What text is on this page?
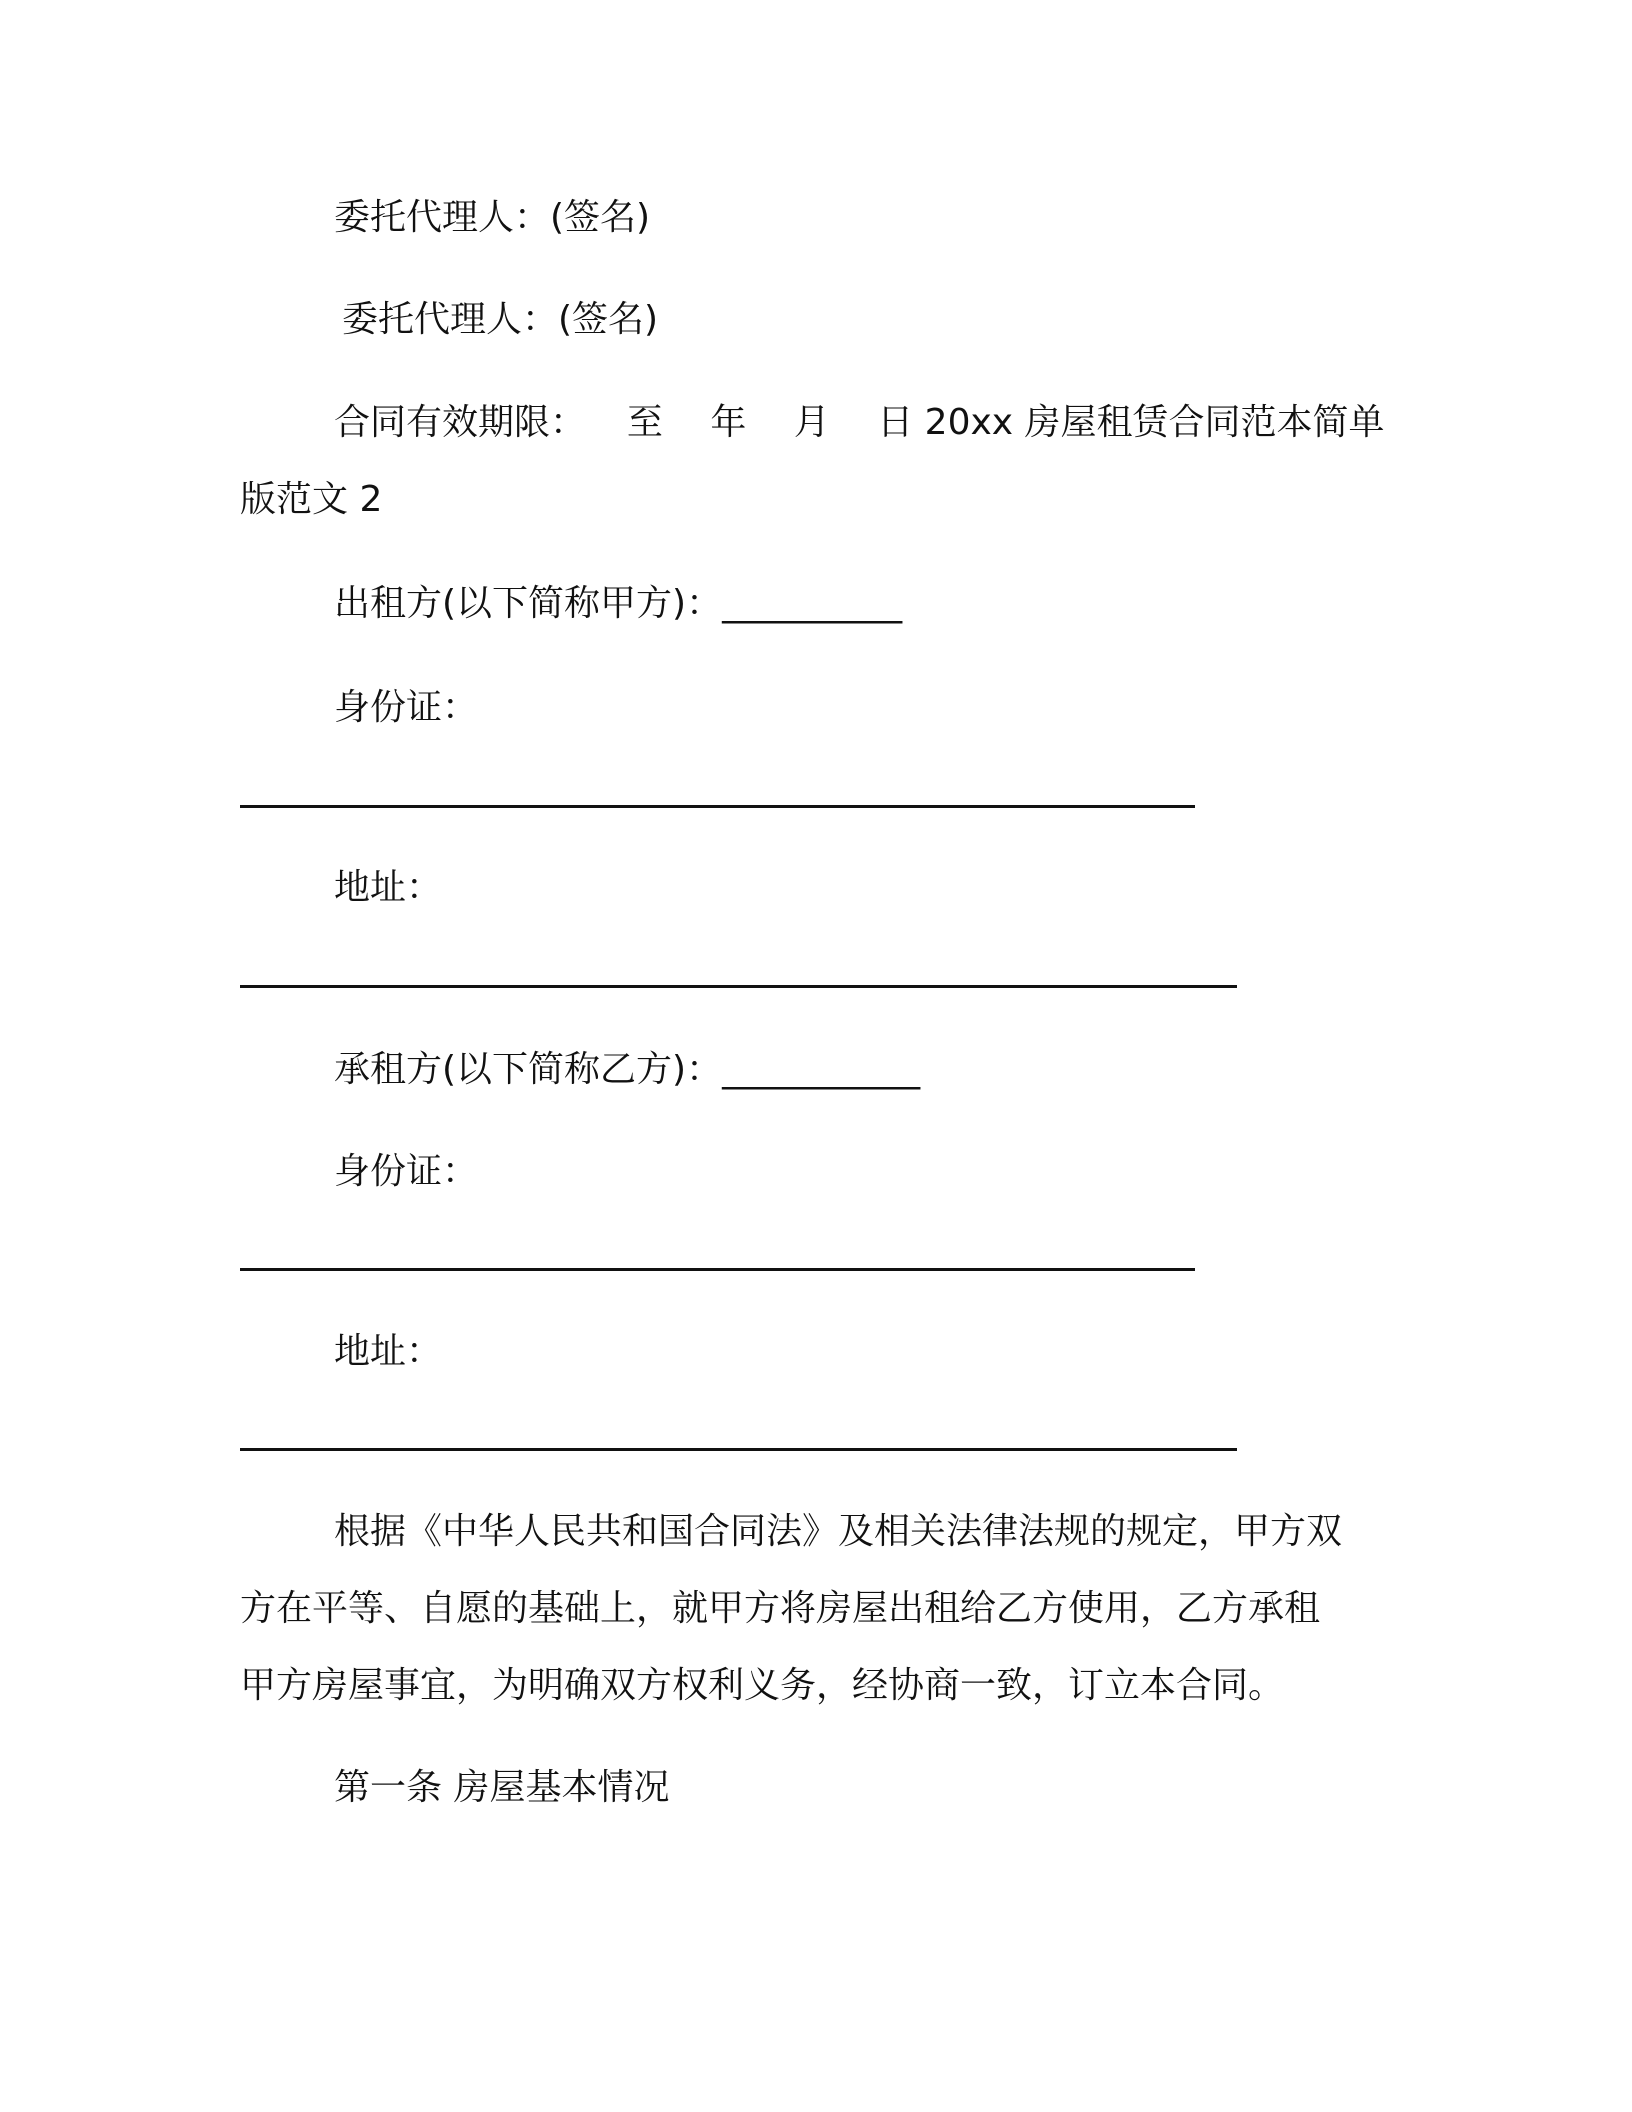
委托代理人：(签名)
委托代理人：(签名)
合同有效期限：　  至 　年　 月　 日 20xx 房屋租赁合同范本简单
版范文 2
出租方(以下简称甲方)：__________
身份证：
地址：
承租方(以下简称乙方)：___________
身份证：
地址：
根据《中华人民共和国合同法》及相关法律法规的规定，甲方双
方在平等、自愿的基础上，就甲方将房屋出租给乙方使用，乙方承租
甲方房屋事宜，为明确双方权利义务，经协商一致，订立本合同。
第一条 房屋基本情况
